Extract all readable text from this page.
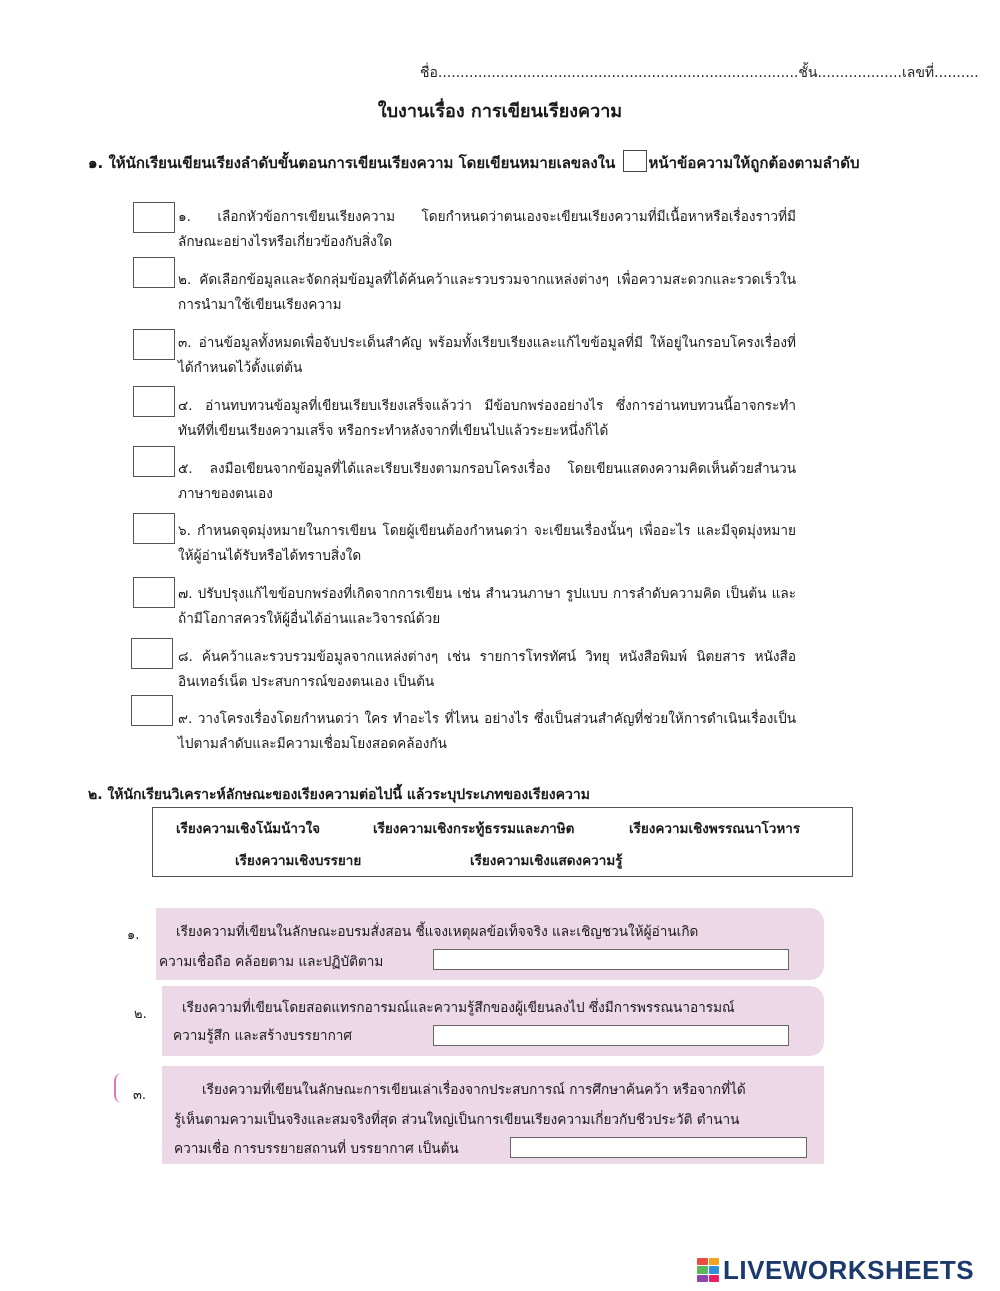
ชื่อ.................................................................................ชั้น...................เลขที่..........
ใบงานเรื่อง การเขียนเรียงความ
๑. ให้นักเรียนเขียนเรียงลำดับขั้นตอนการเขียนเรียงความ โดยเขียนหมายเลขลงใน หน้าข้อความให้ถูกต้องตามลำดับ
๑. เลือกหัวข้อการเขียนเรียงความ โดยกำหนดว่าตนเองจะเขียนเรียงความที่มีเนื้อหาหรือเรื่องราวที่มีลักษณะอย่างไรหรือเกี่ยวข้องกับสิ่งใด
๒. คัดเลือกข้อมูลและจัดกลุ่มข้อมูลที่ได้ค้นคว้าและรวบรวมจากแหล่งต่างๆ เพื่อความสะดวกและรวดเร็วในการนำมาใช้เขียนเรียงความ
๓. อ่านข้อมูลทั้งหมดเพื่อจับประเด็นสำคัญ พร้อมทั้งเรียบเรียงและแก้ไขข้อมูลที่มี ให้อยู่ในกรอบโครงเรื่องที่ได้กำหนดไว้ตั้งแต่ต้น
๔. อ่านทบทวนข้อมูลที่เขียนเรียบเรียงเสร็จแล้วว่า มีข้อบกพร่องอย่างไร ซึ่งการอ่านทบทวนนี้อาจกระทำทันทีที่เขียนเรียงความเสร็จ หรือกระทำหลังจากที่เขียนไปแล้วระยะหนึ่งก็ได้
๕. ลงมือเขียนจากข้อมูลที่ได้และเรียบเรียงตามกรอบโครงเรื่อง โดยเขียนแสดงความคิดเห็นด้วยสำนวนภาษาของตนเอง
๖. กำหนดจุดมุ่งหมายในการเขียน โดยผู้เขียนต้องกำหนดว่า จะเขียนเรื่องนั้นๆ เพื่ออะไร และมีจุดมุ่งหมายให้ผู้อ่านได้รับหรือได้ทราบสิ่งใด
๗. ปรับปรุงแก้ไขข้อบกพร่องที่เกิดจากการเขียน เช่น สำนวนภาษา รูปแบบ การลำดับความคิด เป็นต้น และถ้ามีโอกาสควรให้ผู้อื่นได้อ่านและวิจารณ์ด้วย
๘. ค้นคว้าและรวบรวมข้อมูลจากแหล่งต่างๆ เช่น รายการโทรทัศน์ วิทยุ หนังสือพิมพ์ นิตยสาร หนังสือ อินเทอร์เน็ต ประสบการณ์ของตนเอง เป็นต้น
๙. วางโครงเรื่องโดยกำหนดว่า ใคร ทำอะไร ที่ไหน อย่างไร ซึ่งเป็นส่วนสำคัญที่ช่วยให้การดำเนินเรื่องเป็นไปตามลำดับและมีความเชื่อมโยงสอดคล้องกัน
๒. ให้นักเรียนวิเคราะห์ลักษณะของเรียงความต่อไปนี้ แล้วระบุประเภทของเรียงความ
เรียงความเชิงโน้มน้าวใจ	เรียงความเชิงกระทู้ธรรมและภาษิต	เรียงความเชิงพรรณนาโวหาร
เรียงความเชิงบรรยาย	เรียงความเชิงแสดงความรู้
๑.	เรียงความที่เขียนในลักษณะอบรมสั่งสอน ชี้แจงเหตุผลข้อเท็จจริง และเชิญชวนให้ผู้อ่านเกิด
ความเชื่อถือ คล้อยตาม และปฏิบัติตาม
๒.	เรียงความที่เขียนโดยสอดแทรกอารมณ์และความรู้สึกของผู้เขียนลงไป ซึ่งมีการพรรณนาอารมณ์
ความรู้สึก และสร้างบรรยากาศ
๓.	เรียงความที่เขียนในลักษณะการเขียนเล่าเรื่องจากประสบการณ์ การศึกษาค้นคว้า หรือจากที่ได้
รู้เห็นตามความเป็นจริงและสมจริงที่สุด ส่วนใหญ่เป็นการเขียนเรียงความเกี่ยวกับชีวประวัติ ตำนาน
ความเชื่อ การบรรยายสถานที่ บรรยากาศ เป็นต้น
LIVEWORKSHEETS
